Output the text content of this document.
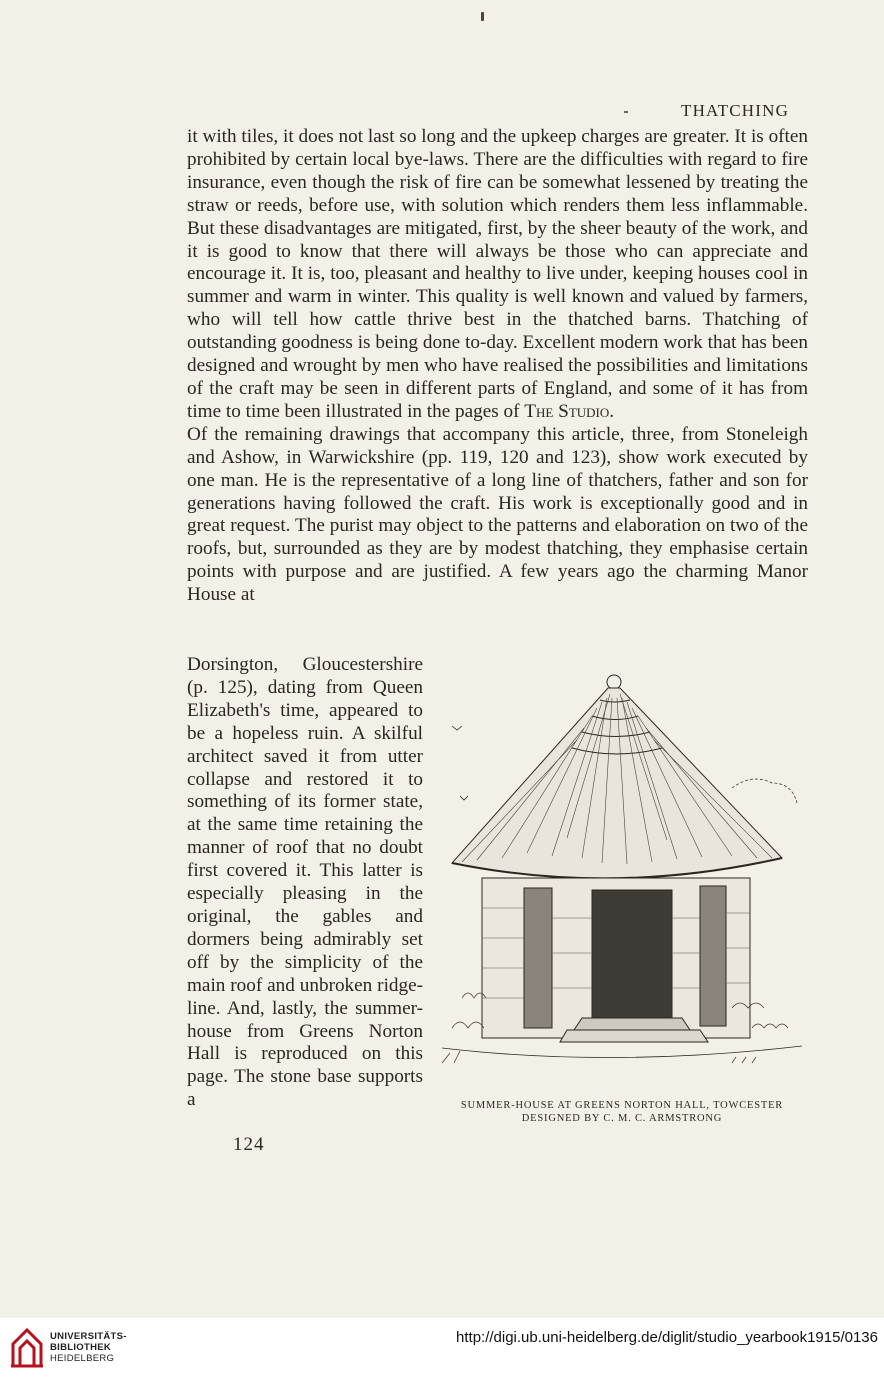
THATCHING

it with tiles, it does not last so long and the upkeep charges are greater. It is often prohibited by certain local bye-laws. There are the difficulties with regard to fire insurance, even though the risk of fire can be somewhat lessened by treating the straw or reeds, before use, with solution which renders them less inflammable. But these disadvantages are mitigated, first, by the sheer beauty of the work, and it is good to know that there will always be those who can appreciate and encourage it. It is, too, pleasant and healthy to live under, keeping houses cool in summer and warm in winter. This quality is well known and valued by farmers, who will tell how cattle thrive best in the thatched barns. Thatching of outstanding goodness is being done to-day. Excellent modern work that has been designed and wrought by men who have realised the possibilities and limitations of the craft may be seen in different parts of England, and some of it has from time to time been illustrated in the pages of The Studio.

Of the remaining drawings that accompany this article, three, from Stoneleigh and Ashow, in Warwickshire (pp. 119, 120 and 123), show work executed by one man. He is the representative of a long line of thatchers, father and son for generations having followed the craft. His work is exceptionally good and in great request. The purist may object to the patterns and elaboration on two of the roofs, but, surrounded as they are by modest thatching, they emphasise certain points with purpose and are justified. A few years ago the charming Manor House at

Dorsington, Gloucestershire (p. 125), dating from Queen Elizabeth's time, appeared to be a hopeless ruin. A skilful architect saved it from utter collapse and restored it to something of its former state, at the same time retaining the manner of roof that no doubt first covered it. This latter is especially pleasing in the original, the gables and dormers being admirably set off by the simplicity of the main roof and unbroken ridge-line. And, lastly, the summer-house from Greens Norton Hall is reproduced on this page. The stone base supports a
124
SUMMER-HOUSE AT GREENS NORTON HALL, TOWCESTER
DESIGNED BY C. M. C. ARMSTRONG
UNIVERSITÄTS-
BIBLIOTHEK
HEIDELBERG
http://digi.ub.uni-heidelberg.de/diglit/studio_yearbook1915/0136
